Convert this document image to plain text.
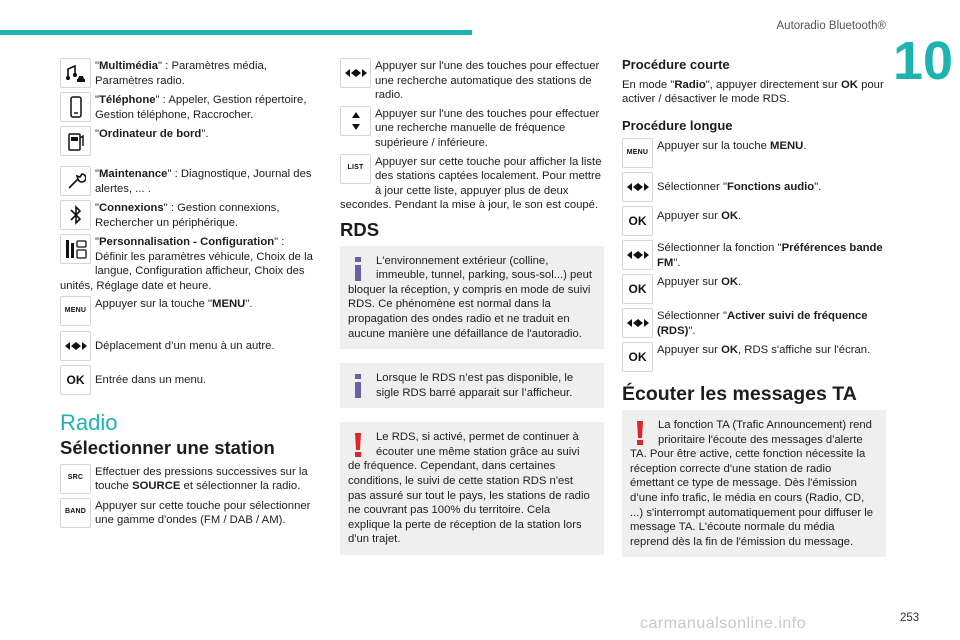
Autoradio Bluetooth®
10

"Multimédia" : Paramètres média, Paramètres radio.

"Téléphone" : Appeler, Gestion répertoire, Gestion téléphone, Raccrocher.

"Ordinateur de bord".

"Maintenance" : Diagnostique, Journal des alertes, ... .

"Connexions" : Gestion connexions, Rechercher un périphérique.

"Personnalisation - Configuration" : Définir les paramètres véhicule, Choix de la langue, Configuration afficheur, Choix des unités, Réglage date et heure.

MENU

Appuyer sur la touche "MENU".

Déplacement d’un menu à un autre.

OK Entrée dans un menu.

Radio
Sélectionner une station
SRC

Effectuer des pressions successives sur la touche SOURCE et sélectionner la radio.

BAND

Appuyer sur cette touche pour sélectionner une gamme d'ondes (FM / DAB / AM).

Appuyer sur l'une des touches pour effectuer une recherche automatique des stations de radio.

Appuyer sur l'une des touches pour effectuer une recherche manuelle de fréquence supérieure / inférieure.

LIST

Appuyer sur cette touche pour afficher la liste des stations captées localement. Pour mettre à jour cette liste, appuyer plus de deux secondes. Pendant la mise à jour, le son est coupé.

RDS

L'environnement extérieur (colline, immeuble, tunnel, parking, sous-sol...) peut bloquer la réception, y compris en mode de suivi RDS. Ce phénomène est normal dans la propagation des ondes radio et ne traduit en aucune manière une défaillance de l'autoradio.

Lorsque le RDS n’est pas disponible, le sigle RDS barré apparait sur l’afficheur.

Le RDS, si activé, permet de continuer à écouter une même station grâce au suivi de fréquence. Cependant, dans certaines conditions, le suivi de cette station RDS n'est pas assuré sur tout le pays, les stations de radio ne couvrant pas 100% du territoire. Cela explique la perte de réception de la station lors d'un trajet.

Procédure courte

En mode "Radio", appuyer directement sur OK pour activer / désactiver le mode RDS.

Procédure longue
MENU

Appuyer sur la touche MENU.

Sélectionner "Fonctions audio".

OK Appuyer sur OK.

Sélectionner la fonction "Préférences bande FM".

OK Appuyer sur OK.

Sélectionner "Activer suivi de fréquence (RDS)".

OK Appuyer sur OK, RDS s'affiche sur l'écran.

Écouter les messages TA

La fonction TA (Trafic Announcement) rend prioritaire l'écoute des messages d'alerte TA. Pour être active, cette fonction nécessite la réception correcte d'une station de radio émettant ce type de message. Dès l'émission d’une info trafic, le média en cours (Radio, CD, ...) s'interrompt automatiquement pour diffuser le message TA. L'écoute normale du média reprend dès la fin de l'émission du message.

carmanualsonline.info	253
